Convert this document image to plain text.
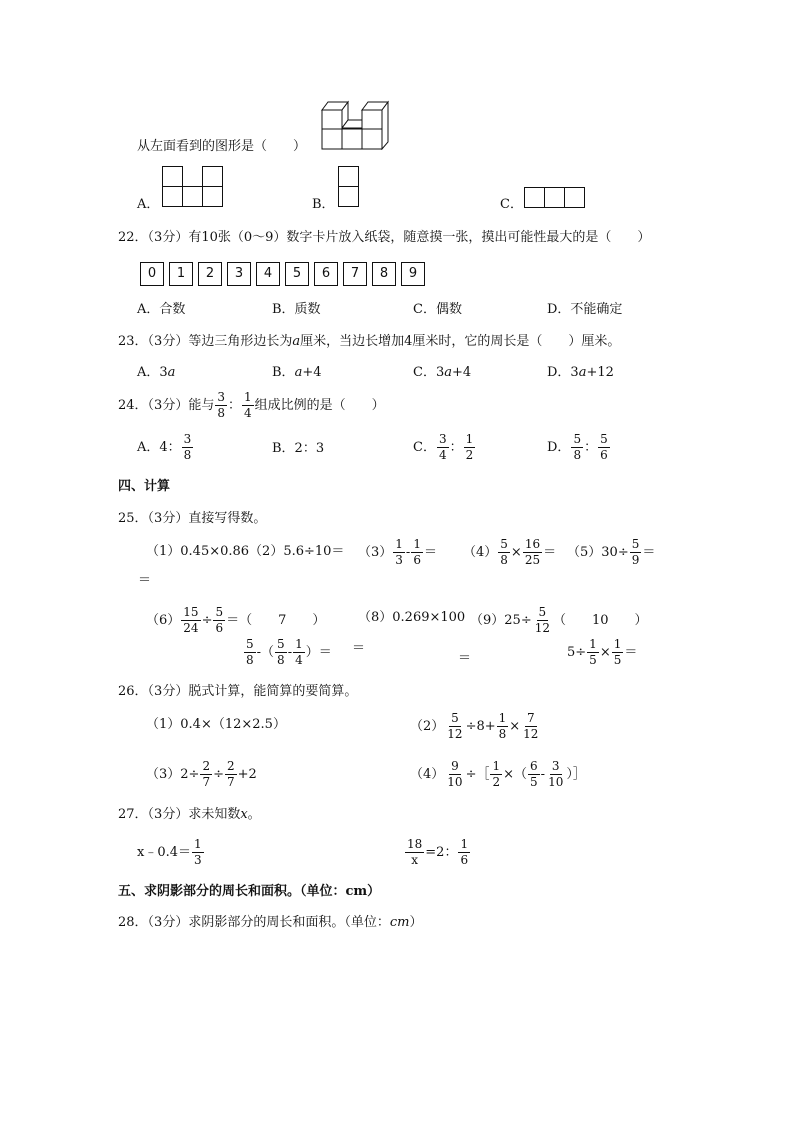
从左面看到的图形是（　　）
A．	B．	C．
22．（3分）有10张（0～9）数字卡片放入纸袋，随意摸一张，摸出可能性最大的是（　　）
0	1	2	3	4	5	6	7	8	9
A．合数	B．质数	C．偶数	D．不能确定
23．（3分）等边三角形边长为a厘米，当边长增加4厘米时，它的周长是（　　）厘米。
A．3a	B．a+4	C．3a+4	D．3a+12
24．（3分）能与 $\frac{3}{8}$ ： $\frac{1}{4}$ 组成比例的是（　　）
A．4： $\frac{3}{8}$	B．2：3	C． $\frac{3}{4}$ ： $\frac{1}{2}$	D． $\frac{5}{8}$ ： $\frac{5}{6}$
四、计算
25．（3分）直接写得数。
$(1)0.45\times 0.86(2)5.6\div 10= (3) \frac{1}{3} - \frac{1}{6} = (4) \frac{5}{8} \times \frac{16}{25} = (5)$ $30\div \frac{5}{9}$ ＝
＝
$(6) \frac{15}{24} \div \frac{5}{6}$ ＝ （　　7　　）	（8）0.269×100 （9） $25\div \frac{5}{12}$ （　　10　　）
$\frac{5}{8}$ -（ $\frac{5}{8} - \frac{1}{4}$ ）＝ ＝
＝	$5\div \frac{1}{5} \times \frac{1}{5}$ ＝
26．（3分）脱式计算，能简算的要简算。
（1）0.4×（12×2.5）	$(2) \frac{5}{12} \div 8+ \frac{1}{8} \times \frac{7}{12}$
（3） $2\div \frac{2}{7} \div \frac{2}{7} +2$	$(4) \frac{9}{10}$ ÷［ $\frac{1}{2}$ ×（ $\frac{6}{5} - \frac{3}{10}$ ）］
27．（3分）求未知数x。
x﹣0.4＝ $\frac{1}{3}$	$\frac{18}{x} =2$： $\frac{1}{6}$
五、求阴影部分的周长和面积。（单位：cm）
28．（3分）求阴影部分的周长和面积。（单位：cm）
